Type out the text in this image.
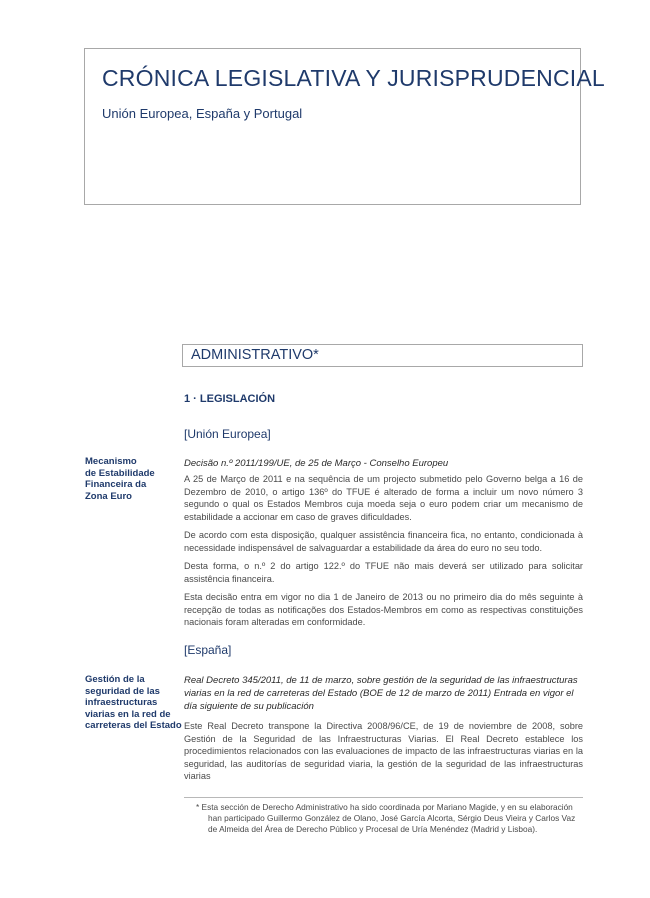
CRÓNICA LEGISLATIVA Y JURISPRUDENCIAL

Unión Europea, España y Portugal

ADMINISTRATIVO*

1 · LEGISLACIÓN

[Unión Europea]

Mecanismo
de Estabilidade
Financeira da
Zona Euro

Decisão n.º 2011/199/UE, de 25 de Março - Conselho Europeu

A 25 de Março de 2011 e na sequência de um projecto submetido pelo Governo belga a 16 de Dezembro de 2010, o artigo 136º do TFUE é alterado de forma a incluir um novo número 3 segundo o qual os Estados Membros cuja moeda seja o euro podem criar um mecanismo de estabilidade a accionar em caso de graves dificuldades.

De acordo com esta disposição, qualquer assistência financeira fica, no entanto, condicionada à necessidade indispensável de salvaguardar a estabilidade da área do euro no seu todo.

Desta forma, o n.º 2 do artigo 122.º do TFUE não mais deverá ser utilizado para solicitar assistência financeira.

Esta decisão entra em vigor no dia 1 de Janeiro de 2013 ou no primeiro dia do mês seguinte à recepção de todas as notificações dos Estados-Membros em como as respectivas constituições nacionais foram alteradas em conformidade.

[España]

Gestión de la
seguridad de las
infraestructuras
viarias en la red de
carreteras del Estado

Real Decreto 345/2011, de 11 de marzo, sobre gestión de la seguridad de las infraestructuras viarias en la red de carreteras del Estado (BOE de 12 de marzo de 2011) Entrada en vigor el día siguiente de su publicación

Este Real Decreto transpone la Directiva 2008/96/CE, de 19 de noviembre de 2008, sobre Gestión de la Seguridad de las Infraestructuras Viarias. El Real Decreto establece los procedimientos relacionados con las evaluaciones de impacto de las infraestructuras viarias en la seguridad, las auditorías de seguridad viaria, la gestión de la seguridad de las infraestructuras viarias

* Esta sección de Derecho Administrativo ha sido coordinada por Mariano Magide, y en su elaboración han participado Guillermo González de Olano, José García Alcorta, Sérgio Deus Vieira y Carlos Vaz de Almeida del Área de Derecho Público y Procesal de Uría Menéndez (Madrid y Lisboa).
